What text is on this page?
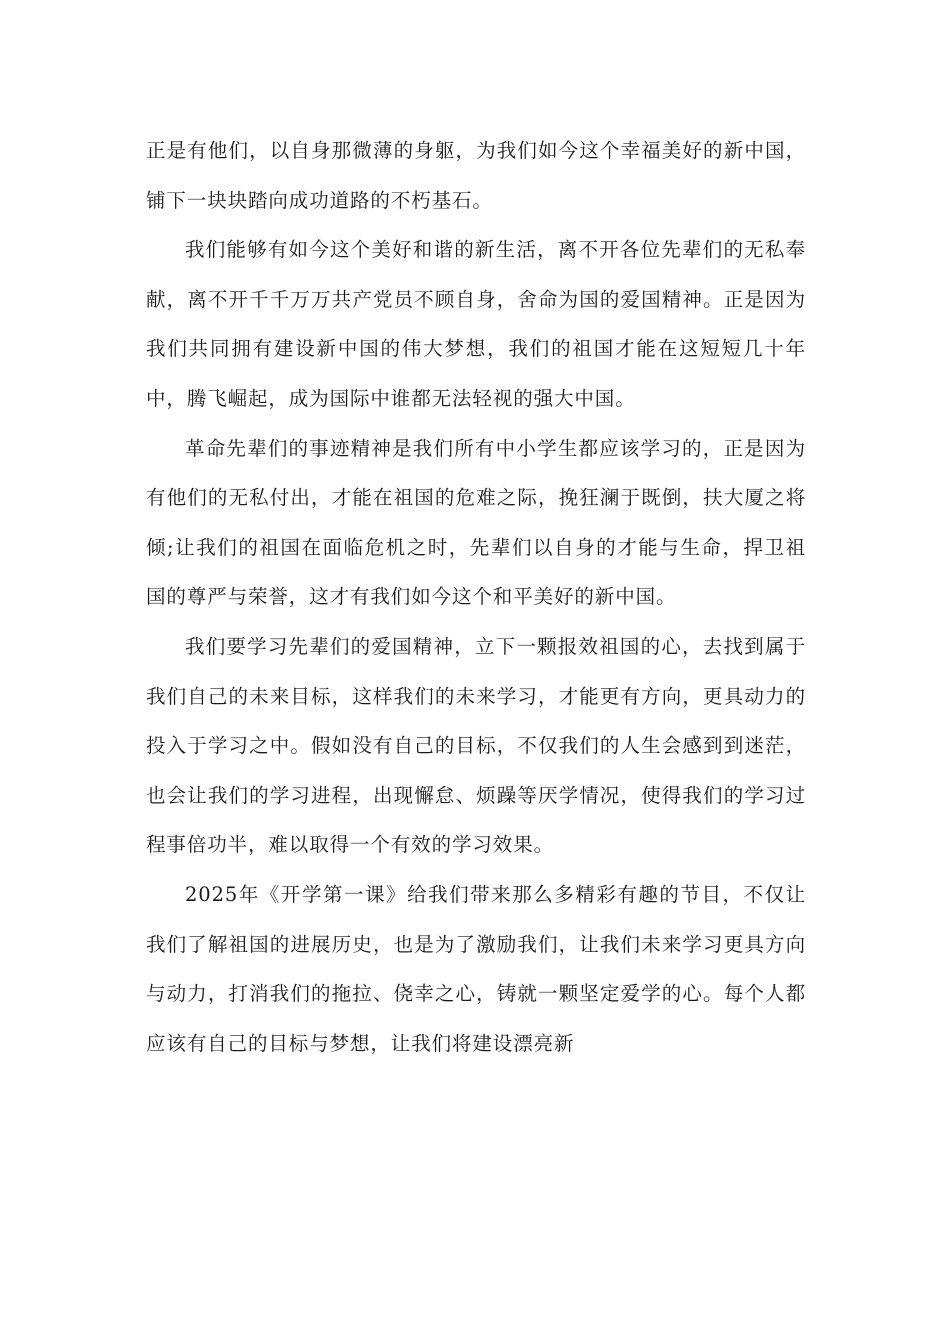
正是有他们，以自身那微薄的身躯，为我们如今这个幸福美好的新中国，铺下一块块踏向成功道路的不朽基石。

我们能够有如今这个美好和谐的新生活，离不开各位先辈们的无私奉献，离不开千千万万共产党员不顾自身，舍命为国的爱国精神。正是因为我们共同拥有建设新中国的伟大梦想，我们的祖国才能在这短短几十年中，腾飞崛起，成为国际中谁都无法轻视的强大中国。

革命先辈们的事迹精神是我们所有中小学生都应该学习的，正是因为有他们的无私付出，才能在祖国的危难之际，挽狂澜于既倒，扶大厦之将倾;让我们的祖国在面临危机之时，先辈们以自身的才能与生命，捍卫祖国的尊严与荣誉，这才有我们如今这个和平美好的新中国。

我们要学习先辈们的爱国精神，立下一颗报效祖国的心，去找到属于我们自己的未来目标，这样我们的未来学习，才能更有方向，更具动力的投入于学习之中。假如没有自己的目标，不仅我们的人生会感到到迷茫，也会让我们的学习进程，出现懈怠、烦躁等厌学情况，使得我们的学习过程事倍功半，难以取得一个有效的学习效果。

2025年《开学第一课》给我们带来那么多精彩有趣的节目，不仅让我们了解祖国的进展历史，也是为了激励我们，让我们未来学习更具方向与动力，打消我们的拖拉、侥幸之心，铸就一颗坚定爱学的心。每个人都应该有自己的目标与梦想，让我们将建设漂亮新
